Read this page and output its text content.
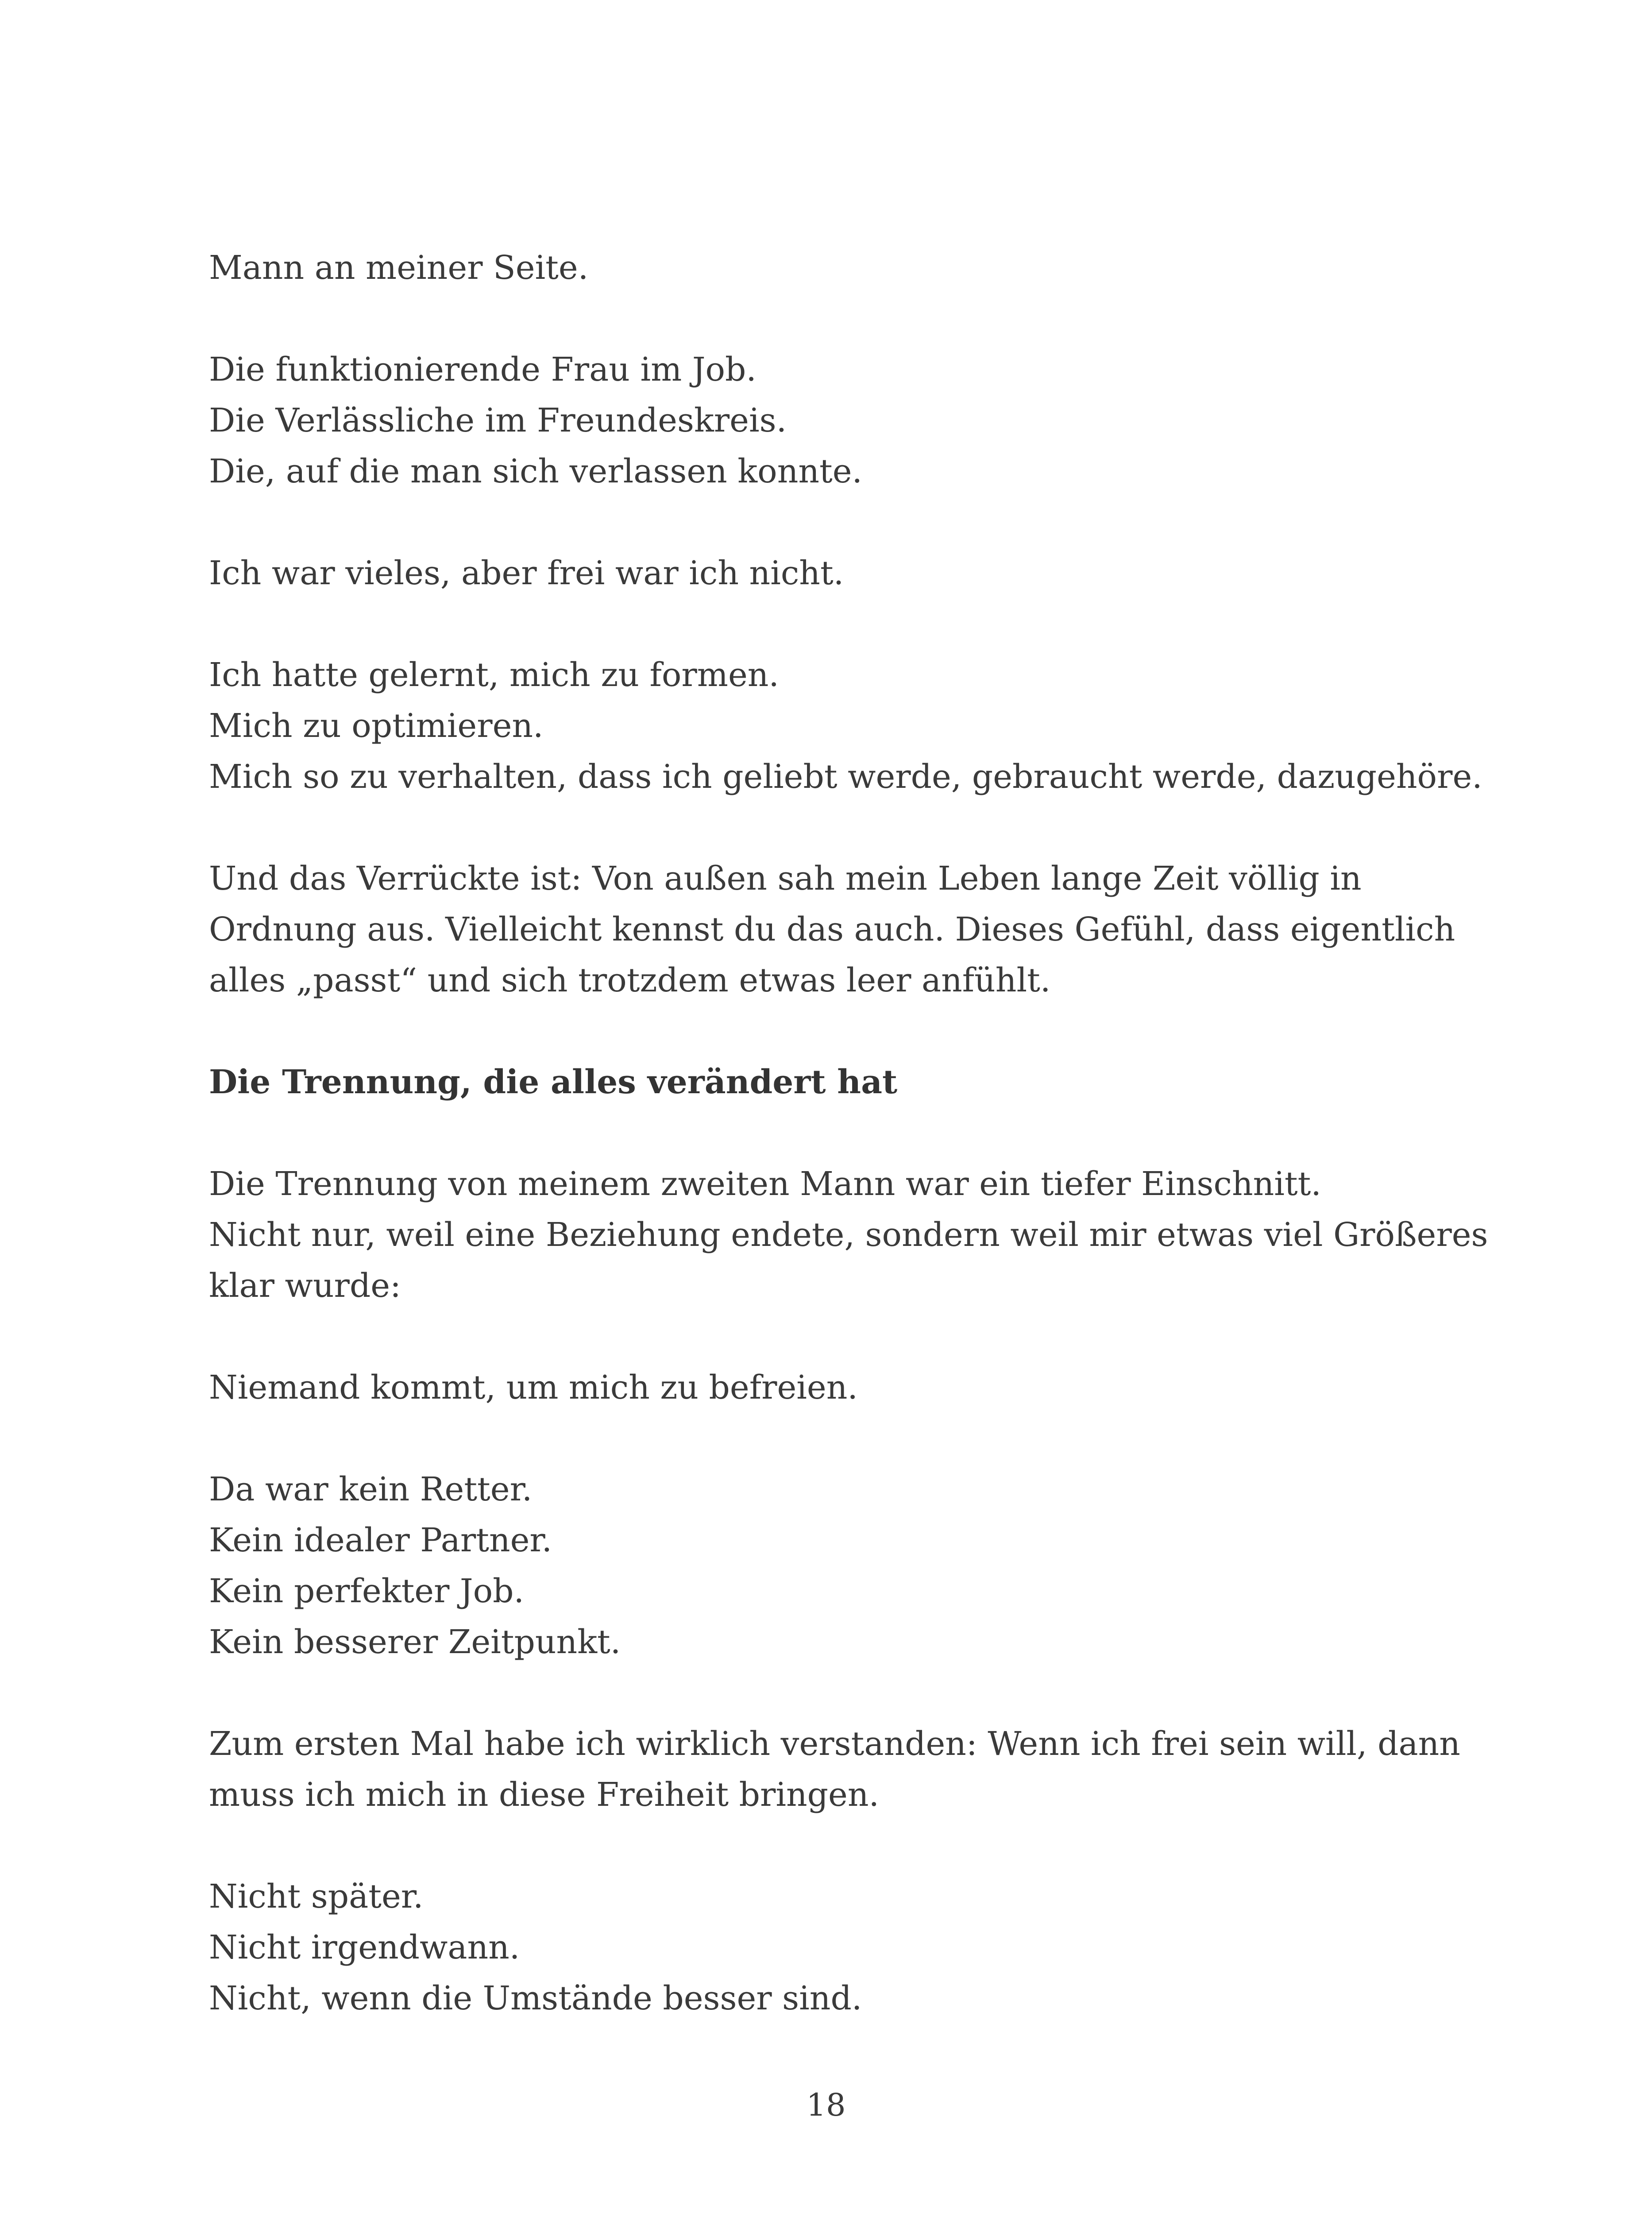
Mann an meiner Seite.

Die funktionierende Frau im Job.
Die Verlässliche im Freundeskreis.
Die, auf die man sich verlassen konnte.

Ich war vieles, aber frei war ich nicht.

Ich hatte gelernt, mich zu formen.
Mich zu optimieren.
Mich so zu verhalten, dass ich geliebt werde, gebraucht werde, dazugehöre.

Und das Verrückte ist: Von außen sah mein Leben lange Zeit völlig in
Ordnung aus. Vielleicht kennst du das auch. Dieses Gefühl, dass eigentlich
alles „passt“ und sich trotzdem etwas leer anfühlt.

Die Trennung, die alles verändert hat

Die Trennung von meinem zweiten Mann war ein tiefer Einschnitt.
Nicht nur, weil eine Beziehung endete, sondern weil mir etwas viel Größeres
klar wurde:

Niemand kommt, um mich zu befreien.

Da war kein Retter.
Kein idealer Partner.
Kein perfekter Job.
Kein besserer Zeitpunkt.

Zum ersten Mal habe ich wirklich verstanden: Wenn ich frei sein will, dann
muss ich mich in diese Freiheit bringen.

Nicht später.
Nicht irgendwann.
Nicht, wenn die Umstände besser sind.

18
